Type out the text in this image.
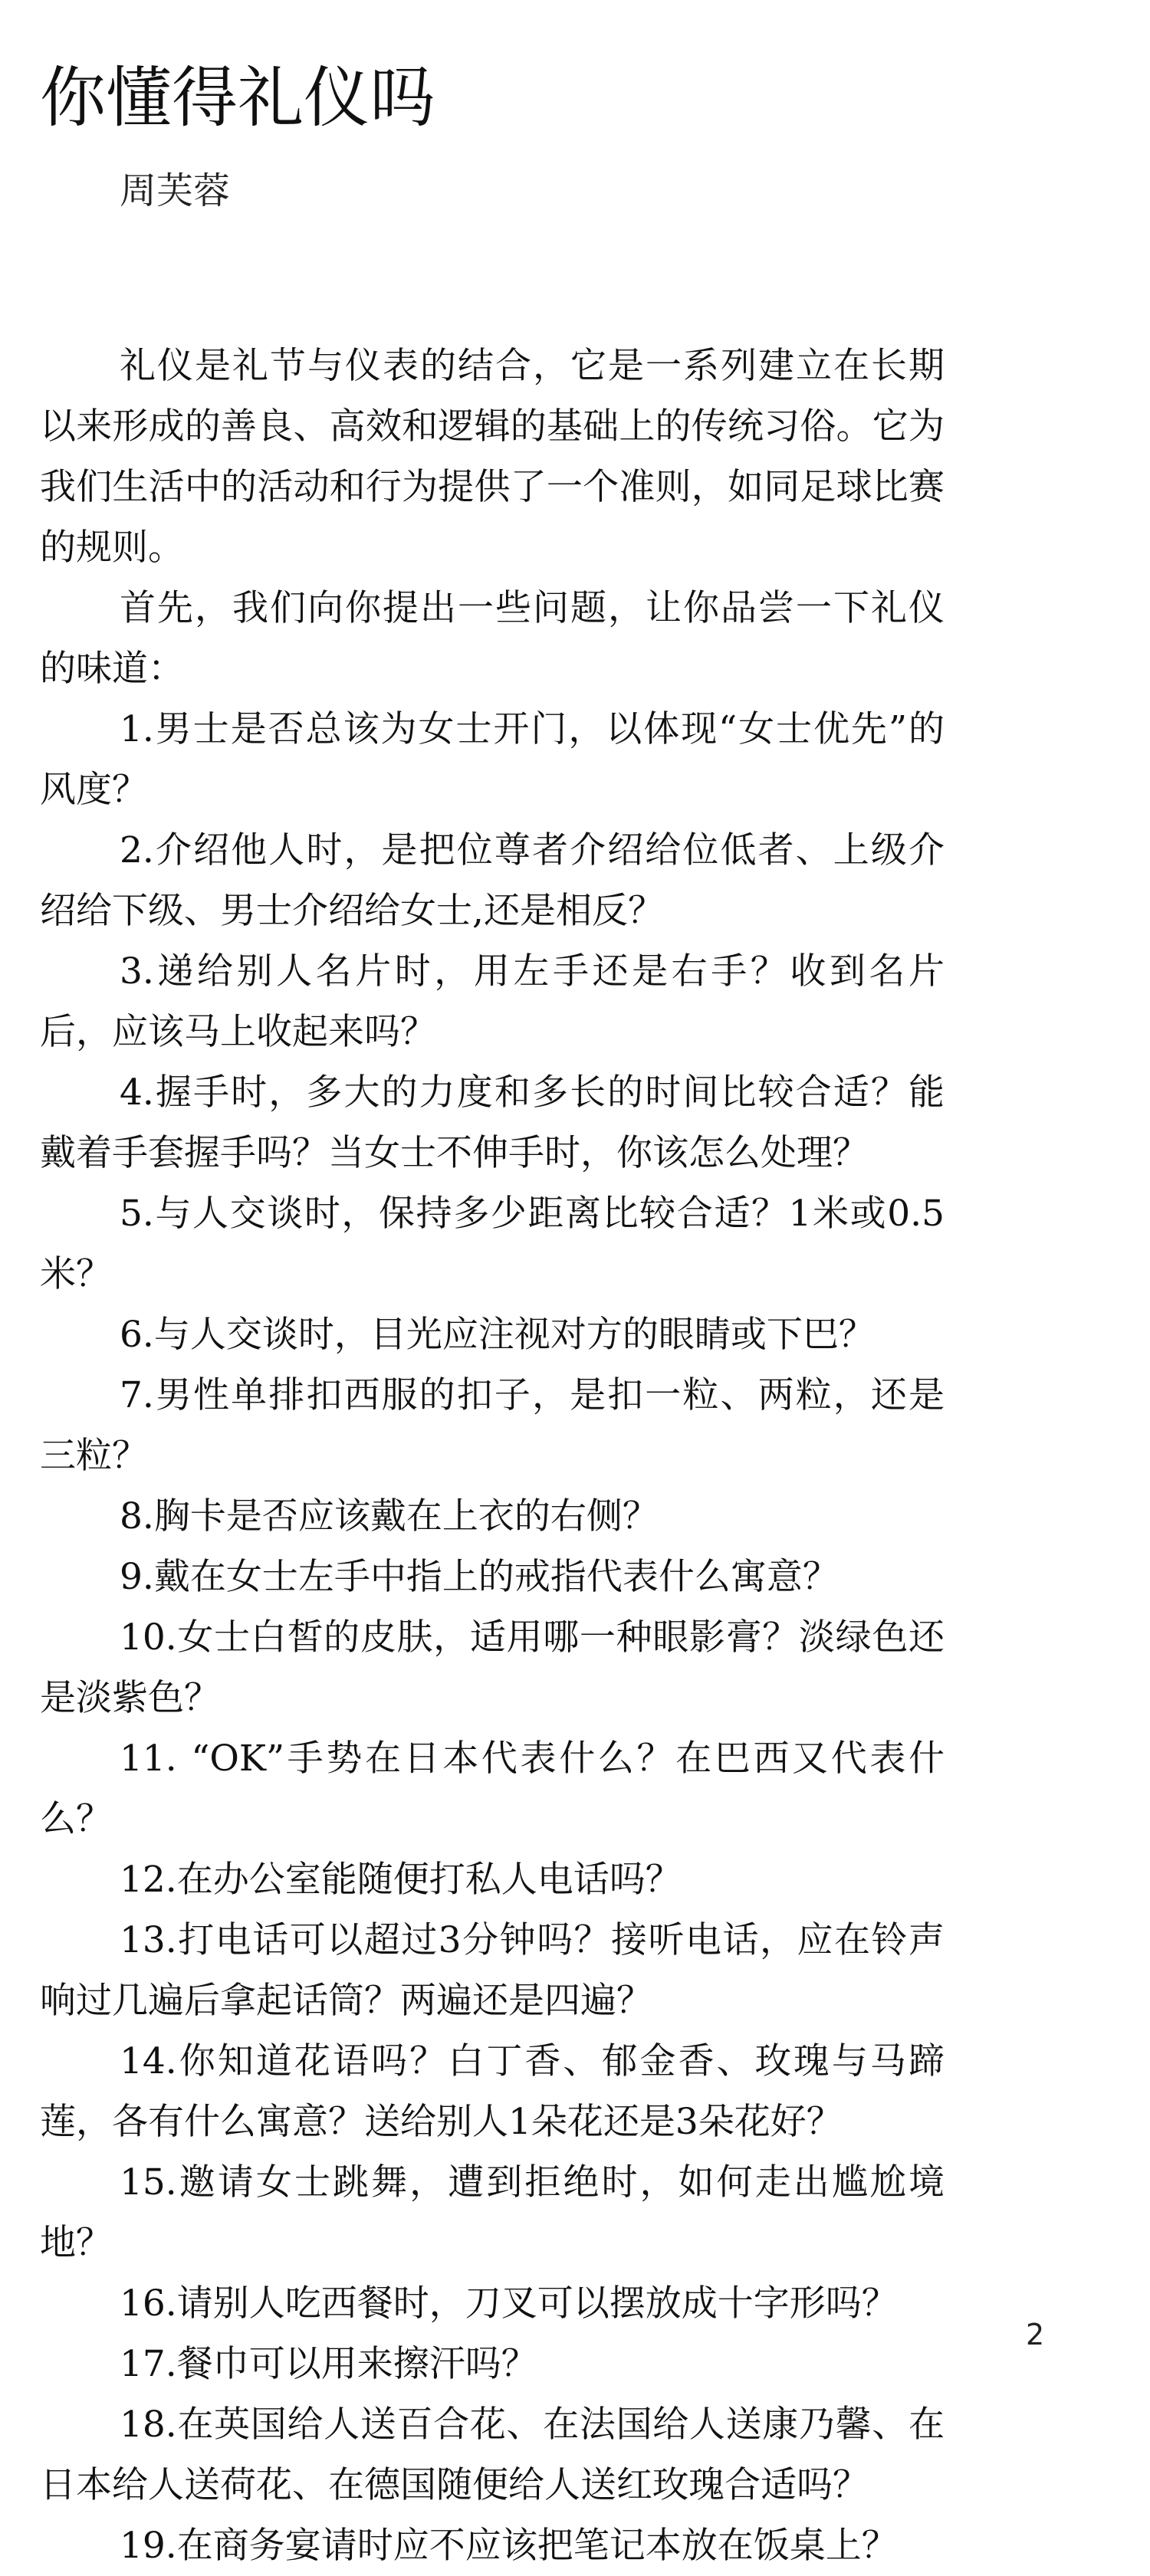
你懂得礼仪吗

周芙蓉

礼仪是礼节与仪表的结合，它是一系列建立在长期以来形成的善良、高效和逻辑的基础上的传统习俗。它为我们生活中的活动和行为提供了一个准则，如同足球比赛的规则。

首先，我们向你提出一些问题，让你品尝一下礼仪的味道：

1.男士是否总该为女士开门，以体现“女士优先”的风度？

2.介绍他人时，是把位尊者介绍给位低者、上级介绍给下级、男士介绍给女士,还是相反？

3.递给别人名片时，用左手还是右手？收到名片后，应该马上收起来吗？

4.握手时，多大的力度和多长的时间比较合适？能戴着手套握手吗？当女士不伸手时，你该怎么处理？

5.与人交谈时，保持多少距离比较合适？1米或0.5米？

6.与人交谈时，目光应注视对方的眼睛或下巴？

7.男性单排扣西服的扣子，是扣一粒、两粒，还是三粒？

8.胸卡是否应该戴在上衣的右侧？

9.戴在女士左手中指上的戒指代表什么寓意？

10.女士白皙的皮肤，适用哪一种眼影膏？淡绿色还是淡紫色？

11. “OK”手势在日本代表什么？在巴西又代表什么？

12.在办公室能随便打私人电话吗？

13.打电话可以超过3分钟吗？接听电话，应在铃声响过几遍后拿起话筒？两遍还是四遍？

14.你知道花语吗？白丁香、郁金香、玫瑰与马蹄莲，各有什么寓意？送给别人1朵花还是3朵花好？

15.邀请女士跳舞，遭到拒绝时，如何走出尴尬境地？

16.请别人吃西餐时，刀叉可以摆放成十字形吗？

17.餐巾可以用来擦汗吗？

18.在英国给人送百合花、在法国给人送康乃馨、在日本给人送荷花、在德国随便给人送红玫瑰合适吗？

19.在商务宴请时应不应该把笔记本放在饭桌上？

2
